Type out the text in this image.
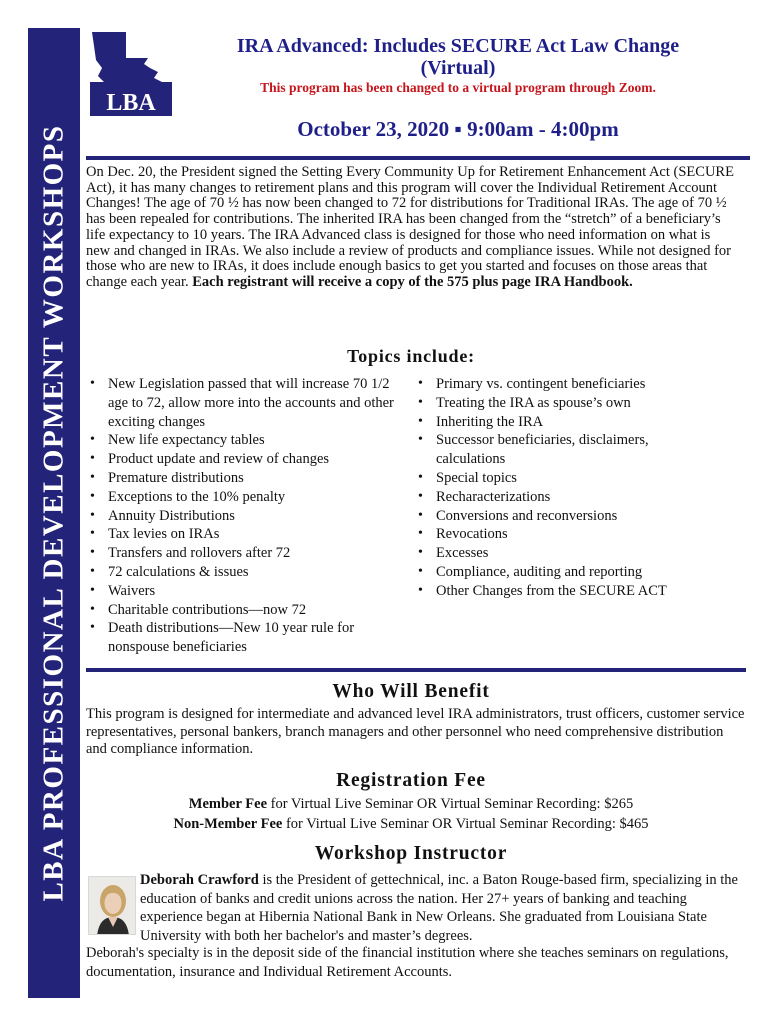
LBA PROFESSIONAL DEVELOPMENT WORKSHOPS
LBA
IRA Advanced: Includes SECURE Act Law Change
(Virtual)
This program has been changed to a virtual program through Zoom.
October 23, 2020 ▪ 9:00am - 4:00pm
On Dec. 20, the President signed the Setting Every Community Up for Retirement Enhancement Act (SECURE Act), it has many changes to retirement plans and this program will cover the Individual Retirement Account Changes! The age of 70 ½ has now been changed to 72 for distributions for Traditional IRAs. The age of 70 ½ has been repealed for contributions. The inherited IRA has been changed from the “stretch” of a beneficiary’s life expectancy to 10 years. The IRA Advanced class is designed for those who need information on what is new and changed in IRAs. We also include a review of products and compliance issues. While not designed for those who are new to IRAs, it does include enough basics to get you started and focuses on those areas that change each year. Each registrant will receive a copy of the 575 plus page IRA Handbook.
Topics include:
• New Legislation passed that will increase 70 1/2 age to 72, allow more into the accounts and other exciting changes
• New life expectancy tables
• Product update and review of changes
• Premature distributions
• Exceptions to the 10% penalty
• Annuity Distributions
• Tax levies on IRAs
• Transfers and rollovers after 72
• 72 calculations & issues
• Waivers
• Charitable contributions—now 72
• Death distributions—New 10 year rule for nonspouse beneficiaries
• Primary vs. contingent beneficiaries
• Treating the IRA as spouse’s own
• Inheriting the IRA
• Successor beneficiaries, disclaimers, calculations
• Special topics
• Recharacterizations
• Conversions and reconversions
• Revocations
• Excesses
• Compliance, auditing and reporting
• Other Changes from the SECURE ACT
Who Will Benefit
This program is designed for intermediate and advanced level IRA administrators, trust officers, customer service representatives, personal bankers, branch managers and other personnel who need comprehensive distribution and compliance information.
Registration Fee
Member Fee for Virtual Live Seminar OR Virtual Seminar Recording: $265
Non-Member Fee for Virtual Live Seminar OR Virtual Seminar Recording: $465
Workshop Instructor
Deborah Crawford is the President of gettechnical, inc. a Baton Rouge-based firm, specializing in the education of banks and credit unions across the nation. Her 27+ years of banking and teaching experience began at Hibernia National Bank in New Orleans. She graduated from Louisiana State University with both her bachelor's and master’s degrees.
Deborah's specialty is in the deposit side of the financial institution where she teaches seminars on regulations, documentation, insurance and Individual Retirement Accounts.
